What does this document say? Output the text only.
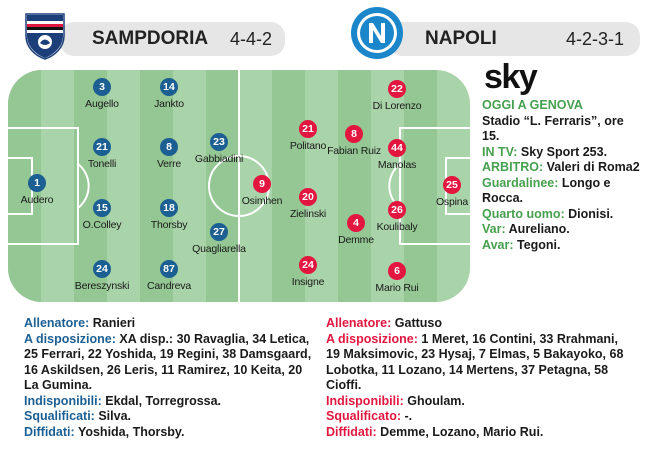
SAMPDORIA 4-4-2	NAPOLI	4-2-3-1
1
Audero
3
Augello
21
Tonelli
15
O.Colley
24
Bereszynski
14
Jankto
8
Verre
18
Thorsby
87
Candreva
23
Gabbiadini
27
Quagliarella
22
Di Lorenzo
21
Politano
8
Fabian Ruiz 44
Manolas
9
Osimhen	20
Zielinski
4
Demme
26
Koulibaly
25
Ospina
24
Insigne
6
Mario Rui
sky
OGGI A GENOVA
Stadio “L. Ferraris”, ore 15.
IN TV: Sky Sport 253.
ARBITRO: Valeri di Roma2
Guardalinee: Longo e Rocca.
Quarto uomo: Dionisi.
Var: Aureliano.
Avar: Tegoni.
Allenatore: Ranieri
A disposizione: XA disp.: 30 Ravaglia, 34 Letica, 25 Ferrari, 22 Yoshida, 19 Regini, 38 Damsgaard, 16 Askildsen, 26 Leris, 11 Ramirez, 10 Keita, 20 La Gumina.
Indisponibili: Ekdal, Torregrossa.
Squalificati: Silva.
Diffidati: Yoshida, Thorsby.
Allenatore: Gattuso
A disposizione: 1 Meret, 16 Contini, 33 Rrahmani, 19 Maksimovic, 23 Hysaj, 7 Elmas, 5 Bakayoko, 68 Lobotka, 11 Lozano, 14 Mertens, 37 Petagna, 58 Cioffi.
Indisponibili: Ghoulam.
Squalificato: -.
Diffidati: Demme, Lozano, Mario Rui.
